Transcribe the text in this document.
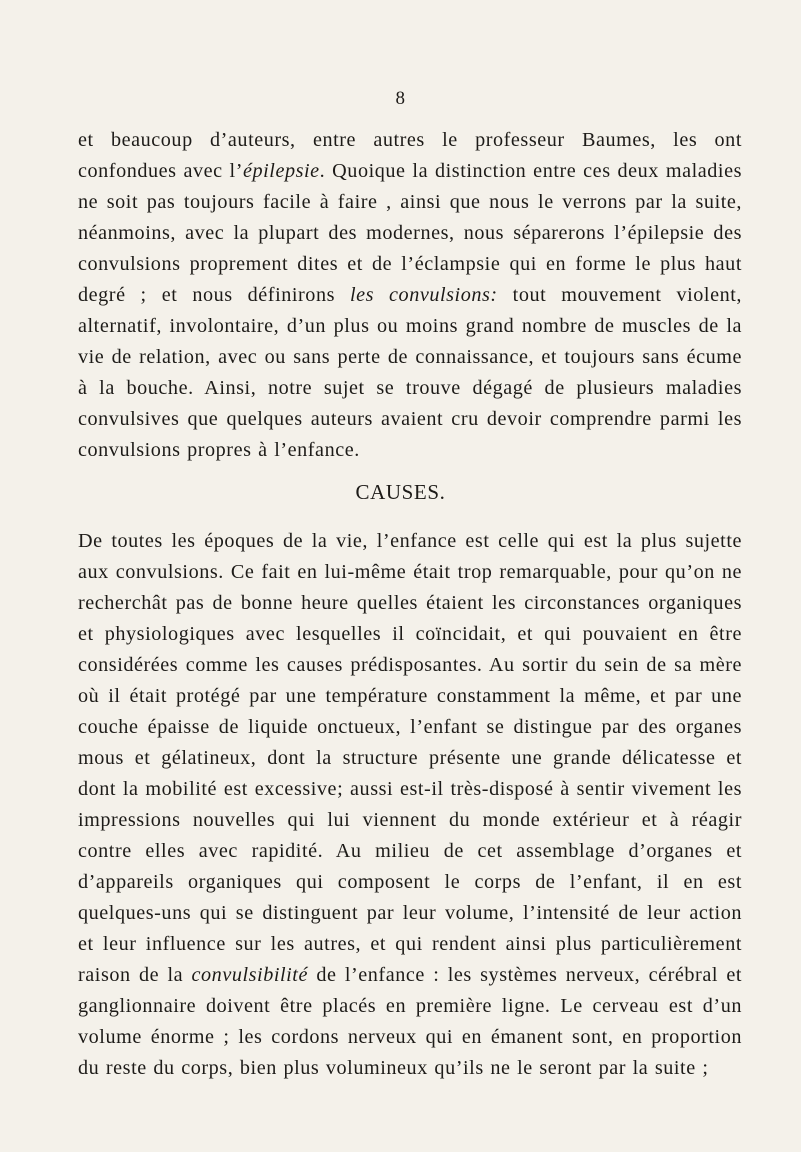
8

et beaucoup d’auteurs, entre autres le professeur Baumes, les ont confondues avec l’épilepsie. Quoique la distinction entre ces deux maladies ne soit pas toujours facile à faire , ainsi que nous le verrons par la suite, néanmoins, avec la plupart des modernes, nous séparerons l’épilepsie des convulsions proprement dites et de l’éclampsie qui en forme le plus haut degré ; et nous définirons les convulsions: tout mouvement violent, alternatif, involontaire, d’un plus ou moins grand nombre de muscles de la vie de relation, avec ou sans perte de connaissance, et toujours sans écume à la bouche. Ainsi, notre sujet se trouve dégagé de plusieurs maladies convulsives que quelques auteurs avaient cru devoir comprendre parmi les convulsions propres à l’enfance.

CAUSES.

De toutes les époques de la vie, l’enfance est celle qui est la plus sujette aux convulsions. Ce fait en lui-même était trop remarquable, pour qu’on ne recherchât pas de bonne heure quelles étaient les circonstances organiques et physiologiques avec lesquelles il coïncidait, et qui pouvaient en être considérées comme les causes prédisposantes. Au sortir du sein de sa mère où il était protégé par une température constamment la même, et par une couche épaisse de liquide onctueux, l’enfant se distingue par des organes mous et gélatineux, dont la structure présente une grande délicatesse et dont la mobilité est excessive; aussi est-il très-disposé à sentir vivement les impressions nouvelles qui lui viennent du monde extérieur et à réagir contre elles avec rapidité. Au milieu de cet assemblage d’organes et d’appareils organiques qui composent le corps de l’enfant, il en est quelques-uns qui se distinguent par leur volume, l’intensité de leur action et leur influence sur les autres, et qui rendent ainsi plus particulièrement raison de la convulsibilité de l’enfance : les systèmes nerveux, cérébral et ganglionnaire doivent être placés en première ligne. Le cerveau est d’un volume énorme ; les cordons nerveux qui en émanent sont, en proportion du reste du corps, bien plus volumineux qu’ils ne le seront par la suite ;
